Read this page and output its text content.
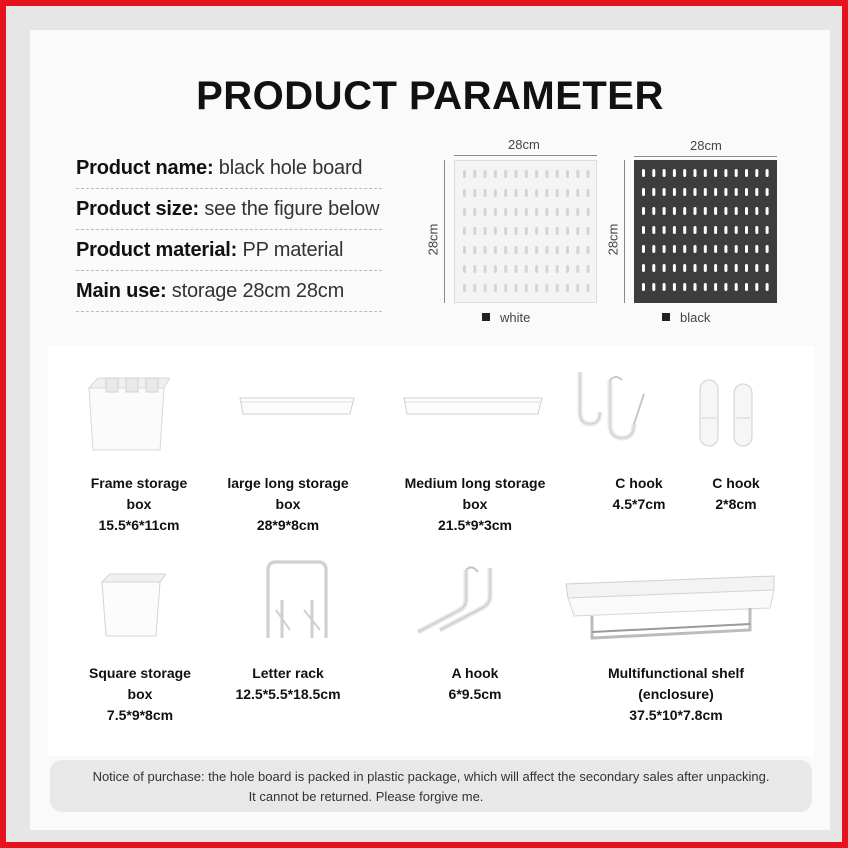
PRODUCT PARAMETER
Product name: black hole board
Product size: see the figure below
Product material: PP material
Main use: storage 28cm 28cm
28cm
28cm
white
28cm
28cm
black
Frame storage
box
15.5*6*11cm
large long storage
box
28*9*8cm
Medium long storage
box
21.5*9*3cm
C hook
4.5*7cm
C hook
2*8cm
Square storage
box
7.5*9*8cm
Letter rack
12.5*5.5*18.5cm
A hook
6*9.5cm
Multifunctional shelf
(enclosure)
37.5*10*7.8cm
Notice of purchase: the hole board is packed in plastic package, which will affect the secondary sales after unpacking.
It cannot be returned. Please forgive me.
